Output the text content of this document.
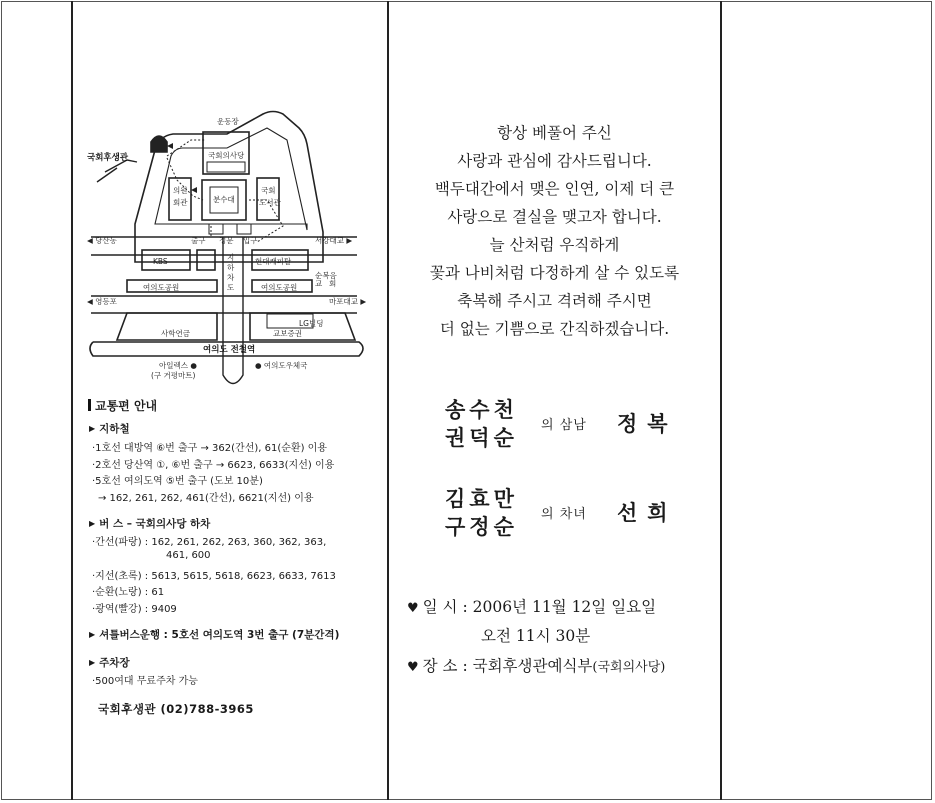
운동장
국회후생관	국회의사당
의원
회관	분수대
국회
도서관
출구 정문 입구
◀ 당산동	서강대교 ▶
KBS	지
하
차
도
현대캐피탈
순복음
교 회
여의도공원	여의도공원
◀ 영등포	마포대교 ▶
LG빌딩
사학연금	교보증권
여의도 전철역
아일렉스 ●
(구 거평마트)
● 여의도우체국
교통편 안내
▶ 지하철
·1호선 대방역 ⑥번 출구 → 362(간선), 61(순환) 이용
·2호선 당산역 ①, ⑥번 출구 → 6623, 6633(지선) 이용
·5호선 여의도역 ⑤번 출구 (도보 10분)
→ 162, 261, 262, 461(간선), 6621(지선) 이용
▶ 버 스 – 국회의사당 하차
·간선(파랑) : 162, 261, 262, 263, 360, 362, 363,
461, 600
·지선(초록) : 5613, 5615, 5618, 6623, 6633, 7613
·순환(노랑) : 61
·광역(빨강) : 9409
▶ 셔틀버스운행 : 5호선 여의도역 3번 출구 (7분간격)
▶ 주차장
·500여대 무료주차 가능
국회후생관 (02)788-3965
항상 베풀어 주신
사랑과 관심에 감사드립니다.
백두대간에서 맺은 인연, 이제 더 큰
사랑으로 결실을 맺고자 합니다.
늘 산처럼 우직하게
꽃과 나비처럼 다정하게 살 수 있도록
축복해 주시고 격려해 주시면
더 없는 기쁨으로 간직하겠습니다.
송수천
권덕순 의 삼남 정복
김효만
구정순 의 차녀 선희
♥ 일 시 : 2006년 11월 12일 일요일
오전 11시 30분
♥ 장 소 : 국회후생관예식부(국회의사당)
